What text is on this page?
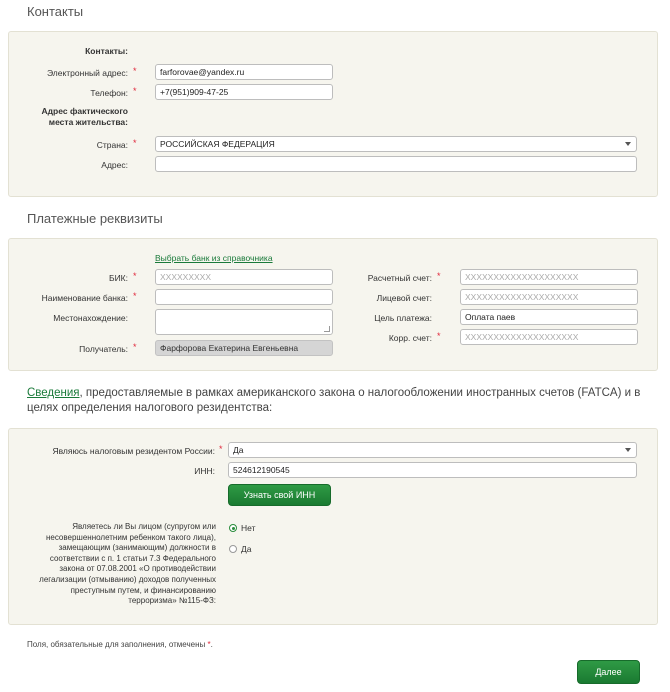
Контакты
Контакты:
Электронный адрес: *	farforovae@yandex.ru
Телефон: *	+7(951)909-47-25
Адрес фактического места жительства:
Страна: *	РОССИЙСКАЯ ФЕДЕРАЦИЯ
Адрес:
Платежные реквизиты
Выбрать банк из справочника
БИК: *	XXXXXXXXX
Наименование банка: *
Местонахождение:
Получатель: *	Фарфорова Екатерина Евгеньевна
Расчетный счет: *	XXXXXXXXXXXXXXXXXXXX
Лицевой счет:	XXXXXXXXXXXXXXXXXXXX
Цель платежа:	Оплата паев
Корр. счет: *	XXXXXXXXXXXXXXXXXXXX
Сведения, предоставляемые в рамках американского закона о налогообложении иностранных счетов (FATCA) и в целях определения налогового резидентства:
Являюсь налоговым резидентом России: *	Да
ИНН:	524612190545
Узнать свой ИНН
Являетесь ли Вы лицом (супругом или несовершеннолетним ребенком такого лица), замещающим (занимающим) должности в соответствии с п. 1 статьи 7.3 Федерального закона от 07.08.2001 «О противодействии легализации (отмыванию) доходов полученных преступным путем, и финансированию терроризма» №115-ФЗ:
Нет
Да
Поля, обязательные для заполнения, отмечены *.
Далее
